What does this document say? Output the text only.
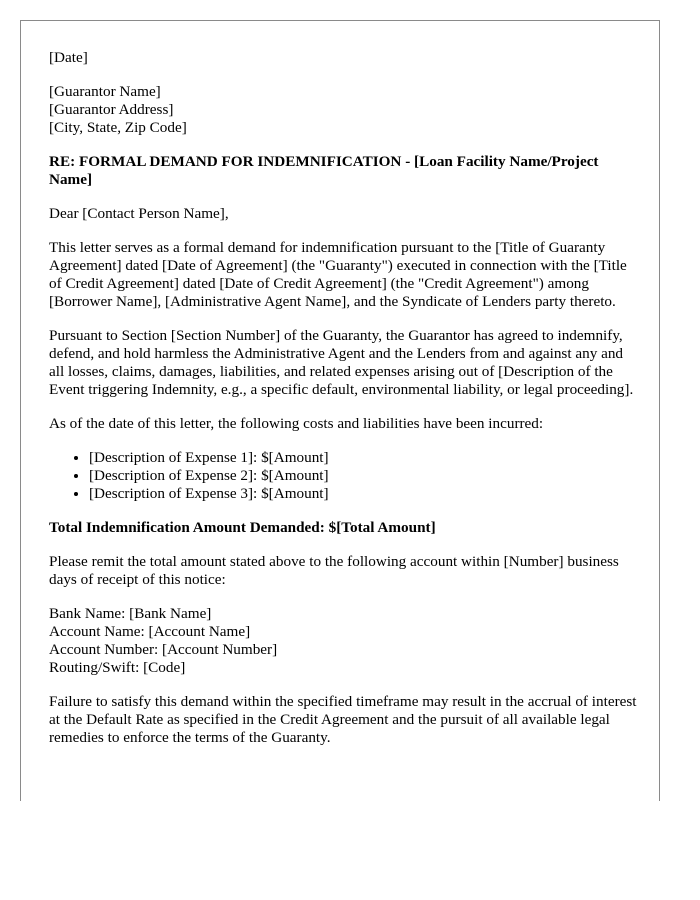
[Date]
[Guarantor Name]
[Guarantor Address]
[City, State, Zip Code]
RE: FORMAL DEMAND FOR INDEMNIFICATION - [Loan Facility Name/Project Name]
Dear [Contact Person Name],
This letter serves as a formal demand for indemnification pursuant to the [Title of Guaranty Agreement] dated [Date of Agreement] (the "Guaranty") executed in connection with the [Title of Credit Agreement] dated [Date of Credit Agreement] (the "Credit Agreement") among [Borrower Name], [Administrative Agent Name], and the Syndicate of Lenders party thereto.
Pursuant to Section [Section Number] of the Guaranty, the Guarantor has agreed to indemnify, defend, and hold harmless the Administrative Agent and the Lenders from and against any and all losses, claims, damages, liabilities, and related expenses arising out of [Description of the Event triggering Indemnity, e.g., a specific default, environmental liability, or legal proceeding].
As of the date of this letter, the following costs and liabilities have been incurred:
• [Description of Expense 1]: $[Amount]
• [Description of Expense 2]: $[Amount]
• [Description of Expense 3]: $[Amount]
Total Indemnification Amount Demanded: $[Total Amount]
Please remit the total amount stated above to the following account within [Number] business days of receipt of this notice:
Bank Name: [Bank Name]
Account Name: [Account Name]
Account Number: [Account Number]
Routing/Swift: [Code]
Failure to satisfy this demand within the specified timeframe may result in the accrual of interest at the Default Rate as specified in the Credit Agreement and the pursuit of all available legal remedies to enforce the terms of the Guaranty.
